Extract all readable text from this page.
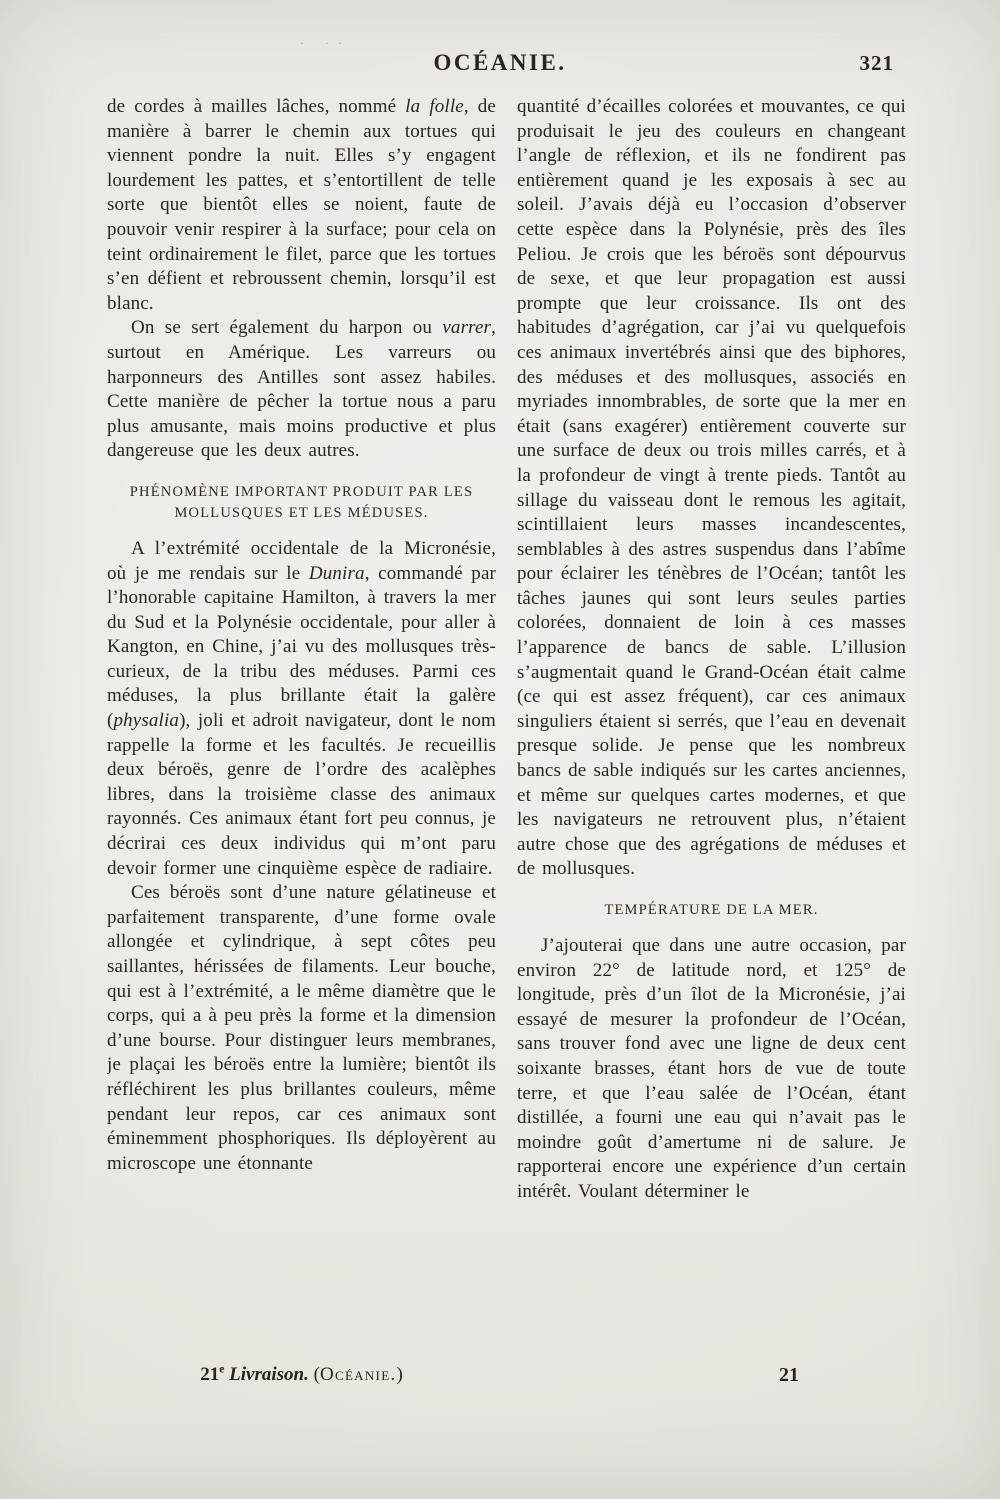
· ··
OCÉANIE.	321

de cordes à mailles lâches, nommé la folle, de manière à barrer le chemin aux tortues qui viennent pondre la nuit. Elles s’y engagent lourdement les pattes, et s’entortillent de telle sorte que bientôt elles se noient, faute de pouvoir venir respirer à la surface; pour cela on teint ordinairement le filet, parce que les tortues s’en défient et rebroussent chemin, lorsqu’il est blanc.

On se sert également du harpon ou varrer, surtout en Amérique. Les varreurs ou harponneurs des Antilles sont assez habiles. Cette manière de pêcher la tortue nous a paru plus amusante, mais moins productive et plus dangereuse que les deux autres.

PHÉNOMÈNE IMPORTANT PRODUIT PAR LES MOLLUSQUES ET LES MÉDUSES.

A l’extrémité occidentale de la Micronésie, où je me rendais sur le Dunira, commandé par l’honorable capitaine Hamilton, à travers la mer du Sud et la Polynésie occidentale, pour aller à Kangton, en Chine, j’ai vu des mollusques très-curieux, de la tribu des méduses. Parmi ces méduses, la plus brillante était la galère (physalia), joli et adroit navigateur, dont le nom rappelle la forme et les facultés. Je recueillis deux béroës, genre de l’ordre des acalèphes libres, dans la troisième classe des animaux rayonnés. Ces animaux étant fort peu connus, je décrirai ces deux individus qui m’ont paru devoir former une cinquième espèce de radiaire.

Ces béroës sont d’une nature gélatineuse et parfaitement transparente, d’une forme ovale allongée et cylindrique, à sept côtes peu saillantes, hérissées de filaments. Leur bouche, qui est à l’extrémité, a le même diamètre que le corps, qui a à peu près la forme et la dimension d’une bourse. Pour distinguer leurs membranes, je plaçai les béroës entre la lumière; bientôt ils réfléchirent les plus brillantes couleurs, même pendant leur repos, car ces animaux sont éminemment phosphoriques. Ils déployèrent au microscope une étonnante

quantité d’écailles colorées et mouvantes, ce qui produisait le jeu des couleurs en changeant l’angle de réflexion, et ils ne fondirent pas entièrement quand je les exposais à sec au soleil. J’avais déjà eu l’occasion d’observer cette espèce dans la Polynésie, près des îles Peliou. Je crois que les béroës sont dépourvus de sexe, et que leur propagation est aussi prompte que leur croissance. Ils ont des habitudes d’agrégation, car j’ai vu quelquefois ces animaux invertébrés ainsi que des biphores, des méduses et des mollusques, associés en myriades innombrables, de sorte que la mer en était (sans exagérer) entièrement couverte sur une surface de deux ou trois milles carrés, et à la profondeur de vingt à trente pieds. Tantôt au sillage du vaisseau dont le remous les agitait, scintillaient leurs masses incandescentes, semblables à des astres suspendus dans l’abîme pour éclairer les ténèbres de l’Océan; tantôt les tâches jaunes qui sont leurs seules parties colorées, donnaient de loin à ces masses l’apparence de bancs de sable. L’illusion s’augmentait quand le Grand-Océan était calme (ce qui est assez fréquent), car ces animaux singuliers étaient si serrés, que l’eau en devenait presque solide. Je pense que les nombreux bancs de sable indiqués sur les cartes anciennes, et même sur quelques cartes modernes, et que les navigateurs ne retrouvent plus, n’étaient autre chose que des agrégations de méduses et de mollusques.

TEMPÉRATURE DE LA MER.

J’ajouterai que dans une autre occasion, par environ 22° de latitude nord, et 125° de longitude, près d’un îlot de la Micronésie, j’ai essayé de mesurer la profondeur de l’Océan, sans trouver fond avec une ligne de deux cent soixante brasses, étant hors de vue de toute terre, et que l’eau salée de l’Océan, étant distillée, a fourni une eau qui n’avait pas le moindre goût d’amertume ni de salure. Je rapporterai encore une expérience d’un certain intérêt. Voulant déterminer le

21e Livraison. (Océanie.)	21
